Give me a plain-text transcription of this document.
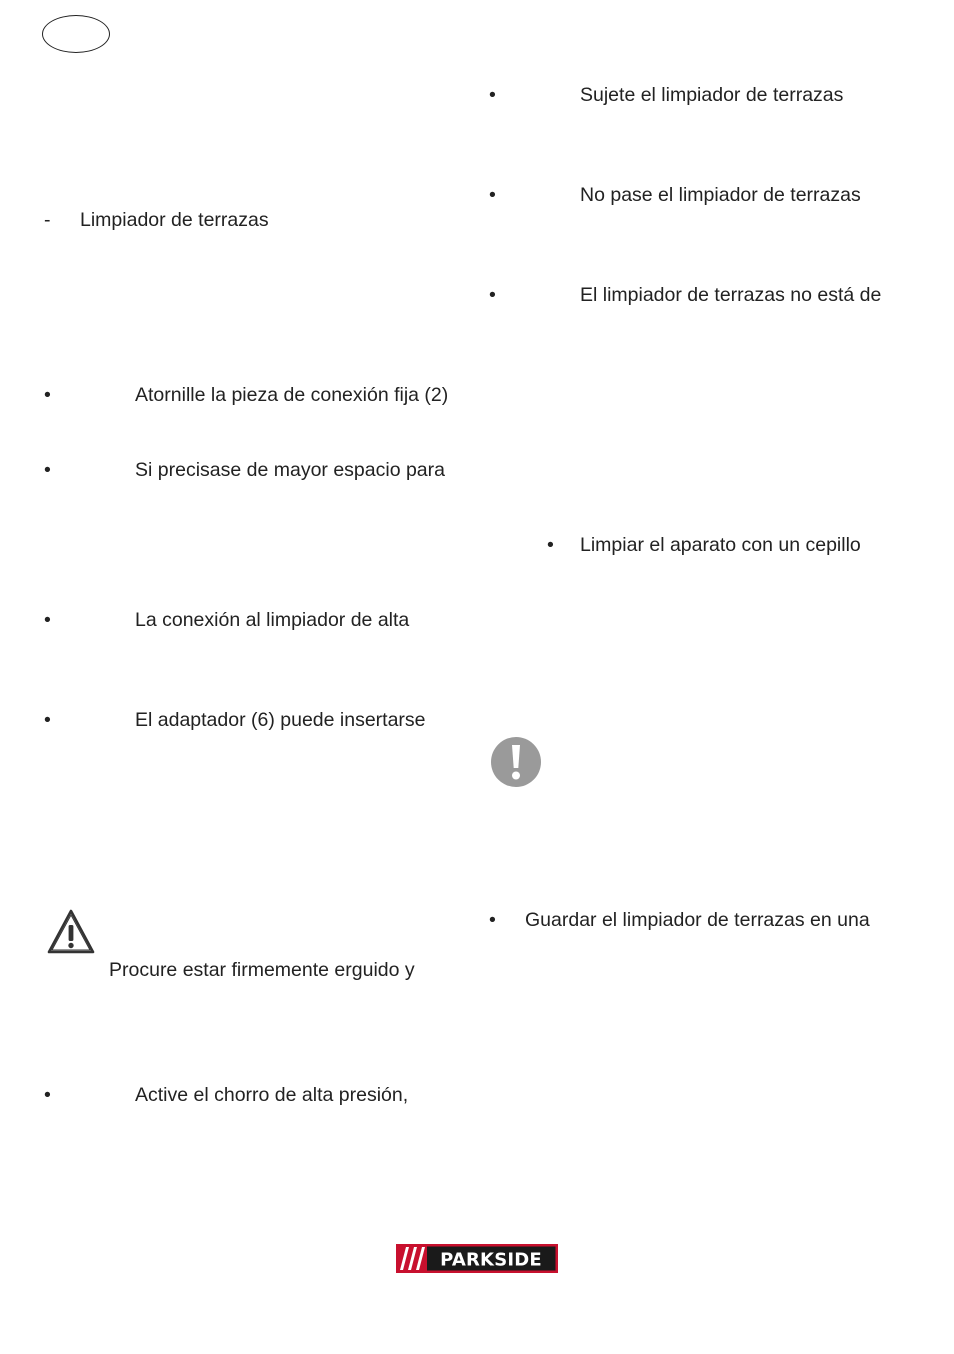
- Limpiador de terrazas
•	Atornille la pieza de conexión fija (2)
•	Si precisase de mayor espacio para
•	La conexión al limpiador de alta
•	El adaptador (6) puede insertarse
Procure estar firmemente erguido y
•	Active el chorro de alta presión,
•	Sujete el limpiador de terrazas
•	No pase el limpiador de terrazas
•	El limpiador de terrazas no está de
• Limpiar el aparato con un cepillo
• Guardar el limpiador de terrazas en una
PARKSIDE
